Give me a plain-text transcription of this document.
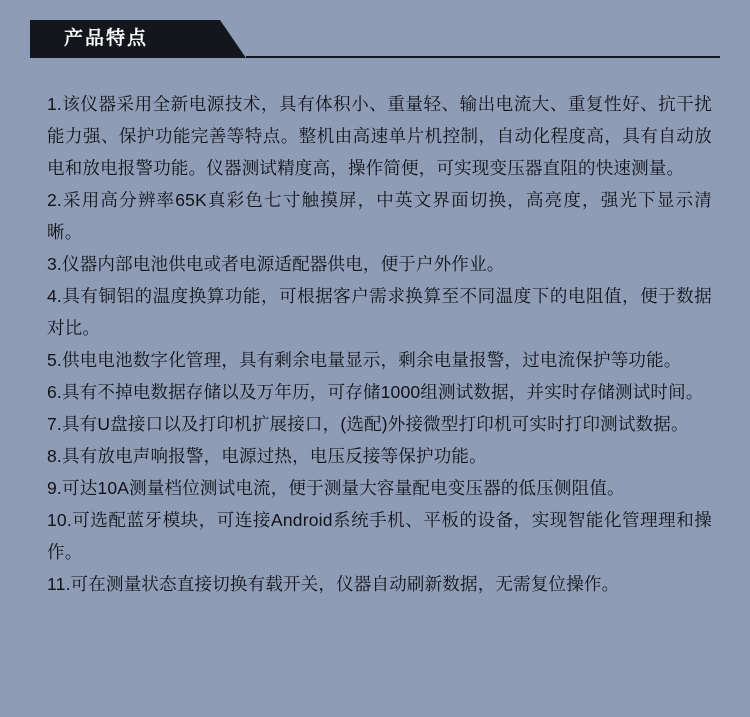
产品特点

1.该仪器采用全新电源技术，具有体积小、重量轻、输出电流大、重复性好、抗干扰能力强、保护功能完善等特点。整机由高速单片机控制，自动化程度高，具有自动放电和放电报警功能。仪器测试精度高，操作简便，可实现变压器直阻的快速测量。

2.采用高分辨率65K真彩色七寸触摸屏，中英文界面切换，高亮度，强光下显示清晰。

3.仪器内部电池供电或者电源适配器供电，便于户外作业。

4.具有铜铝的温度换算功能，可根据客户需求换算至不同温度下的电阻值，便于数据对比。

5.供电电池数字化管理，具有剩余电量显示，剩余电量报警，过电流保护等功能。

6.具有不掉电数据存储以及万年历，可存储1000组测试数据，并实时存储测试时间。

7.具有U盘接口以及打印机扩展接口，(选配)外接微型打印机可实时打印测试数据。

8.具有放电声响报警，电源过热，电压反接等保护功能。

9.可达10A测量档位测试电流，便于测量大容量配电变压器的低压侧阻值。

10.可选配蓝牙模块，可连接Android系统手机、平板的设备，实现智能化管理理和操作。

11.可在测量状态直接切换有载开关，仪器自动刷新数据，无需复位操作。
